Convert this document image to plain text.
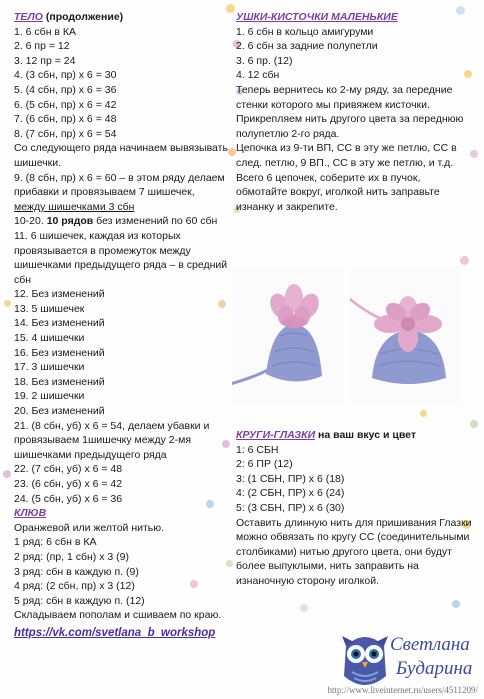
ТЕЛО (продолжение)
1. 6 сбн в КА
2. 6 пр = 12
3. 12 пр = 24
4. (3 сбн, пр) х 6 = 30
5. (4 сбн, пр) х 6 = 36
6. (5 сбн, пр) х 6 = 42
7. (6 сбн, пр) х 6 = 48
8. (7 сбн, пр) х 6 = 54
Со следующего ряда начинаем вывязывать шишечки.
9. (8 сбн, пр) х 6 = 60 – в этом ряду делаем прибавки и провязываем 7 шишечек,
между шишечками 3 сбн
10-20. 10 рядов без изменений по 60 сбн
11. 6 шишечек, каждая из которых провязывается в промежуток между шишечками предыдущего ряда – в средний сбн
12. Без изменений
13. 5 шишечек
14. Без изменений
15. 4 шишечки
16. Без изменений
17. 3 шишечки
18. Без изменений
19. 2 шишечки
20. Без изменений
21. (8 сбн, уб) х 6 = 54, делаем убавки и провязываем 1шишечку между 2-мя шишечками предыдущего ряда
22. (7 сбн, уб) х 6 = 48
23. (6 сбн, уб) х 6 = 42
24. (5 сбн, уб) х 6 = 36
КЛЮВ
Оранжевой или желтой нитью.
1 ряд: 6 сбн в КА
2 ряд: (пр, 1 сбн) х 3 (9)
3 ряд: сбн в каждую п. (9)
4 ряд: (2 сбн, пр) х 3 (12)
5 ряд: сбн в каждую п. (12)
Складываем пополам и сшиваем по краю.
https://vk.com/svetlana_b_workshop
УШКИ-КИСТОЧКИ МАЛЕНЬКИЕ
1. 6 сбн в кольцо амигуруми
2. 6 сбн за задние полупетли
3. 6 пр. (12)
4. 12 сбн
Теперь вернитесь ко 2-му ряду, за передние стенки которого мы привяжем кисточки.
Прикрепляем нить другого цвета за переднюю полупетлю 2-го ряда.
Цепочка из 9-ти ВП, СС в эту же петлю, СС в след. петлю, 9 ВП., СС в эту же петлю, и т.д.
Всего 6 цепочек, соберите их в пучок, обмотайте вокруг, иголкой нить заправьте изнанку и закрепите.
КРУГИ-ГЛАЗКИ на ваш вкус и цвет
1: 6 СБН
2: 6 ПР (12)
3: (1 СБН, ПР) х 6 (18)
4: (2 СБН, ПР) х 6 (24)
5: (3 СБН, ПР) х 6 (30)
Оставить длинную нить для пришивания Глазки можно обвязать по кругу СС (соединительными столбиками) нитью другого цвета, они будут более выпуклыми, нить заправить на изнаночную сторону иголкой.
Светлана
Бударина
http://www.liveinternet.ru/users/4511209/
